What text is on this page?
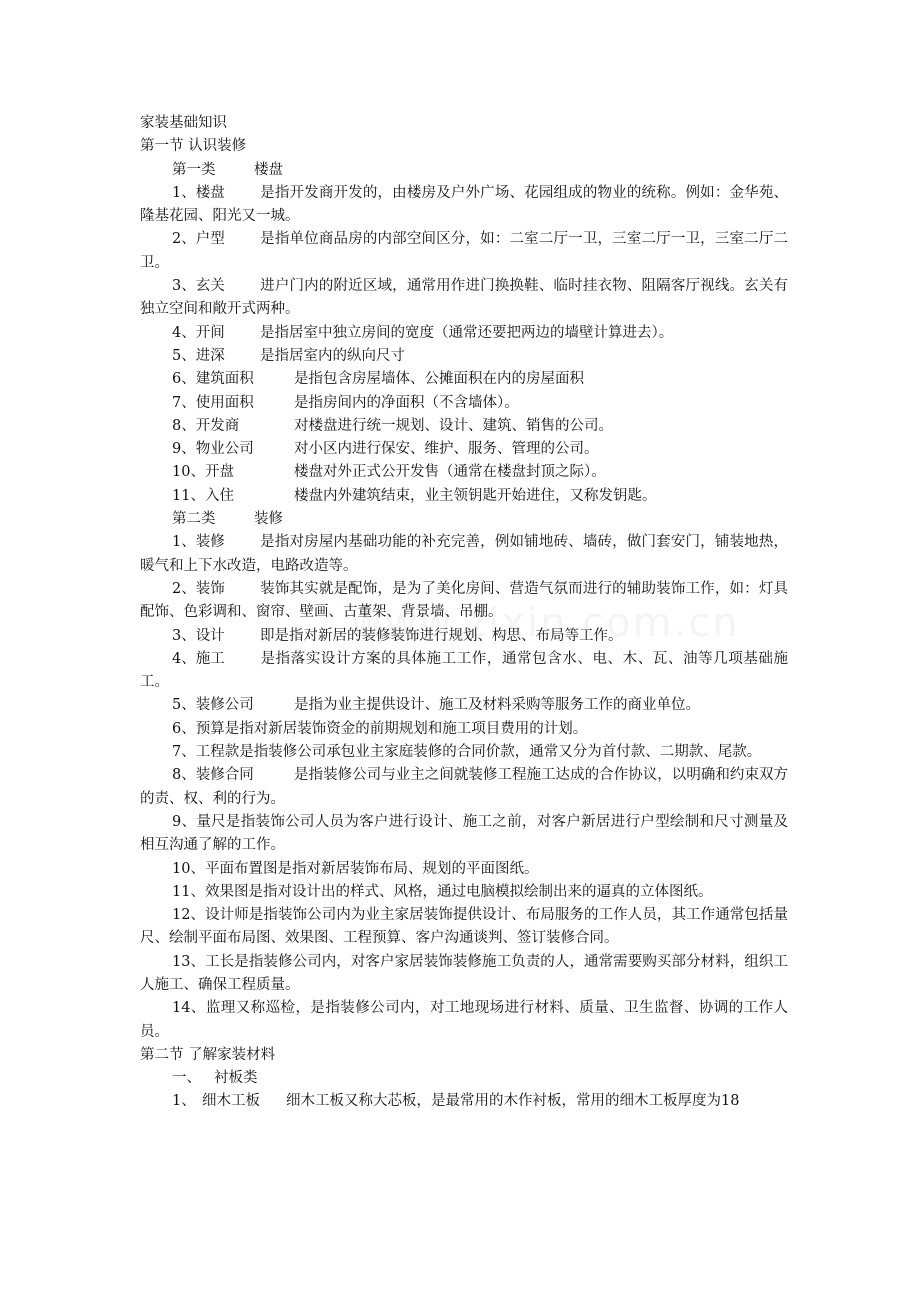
家装基础知识
第一节 认识装修
第一类	楼盘
1、楼盘 是指开发商开发的，由楼房及户外广场、花园组成的物业的统称。例如：金华苑、隆基花园、阳光又一城。
2、户型 是指单位商品房的内部空间区分，如：二室二厅一卫，三室二厅一卫，三室二厅二卫。
3、玄关 进户门内的附近区域，通常用作进门换换鞋、临时挂衣物、阻隔客厅视线。玄关有独立空间和敞开式两种。
4、开间 是指居室中独立房间的宽度（通常还要把两边的墙壁计算进去）。
5、进深 是指居室内的纵向尺寸
6、建筑面积	是指包含房屋墙体、公摊面积在内的房屋面积
7、使用面积	是指房间内的净面积（不含墙体）。
8、开发商	对楼盘进行统一规划、设计、建筑、销售的公司。
9、物业公司	对小区内进行保安、维护、服务、管理的公司。
10、开盘	楼盘对外正式公开发售（通常在楼盘封顶之际）。
11、入住	楼盘内外建筑结束，业主领钥匙开始进住，又称发钥匙。
第二类	装修
1、装修 是指对房屋内基础功能的补充完善，例如铺地砖、墙砖，做门套安门，铺装地热，暖气和上下水改造，电路改造等。
2、装饰 装饰其实就是配饰，是为了美化房间、营造气氛而进行的辅助装饰工作，如：灯具配饰、色彩调和、窗帘、壁画、古董架、背景墙、吊棚。
3、设计 即是指对新居的装修装饰进行规划、构思、布局等工作。
4、施工 是指落实设计方案的具体施工工作，通常包含水、电、木、瓦、油等几项基础施工。
5、装修公司	是指为业主提供设计、施工及材料采购等服务工作的商业单位。
6、预算是指对新居装饰资金的前期规划和施工项目费用的计划。
7、工程款是指装修公司承包业主家庭装修的合同价款，通常又分为首付款、二期款、尾款。
8、装修合同	是指装修公司与业主之间就装修工程施工达成的合作协议，以明确和约束双方的责、权、利的行为。
9、量尺是指装饰公司人员为客户进行设计、施工之前，对客户新居进行户型绘制和尺寸测量及相互沟通了解的工作。
10、平面布置图是指对新居装饰布局、规划的平面图纸。
11、效果图是指对设计出的样式、风格，通过电脑模拟绘制出来的逼真的立体图纸。
12、设计师是指装饰公司内为业主家居装饰提供设计、布局服务的工作人员，其工作通常包括量尺、绘制平面布局图、效果图、工程预算、客户沟通谈判、签订装修合同。
13、工长是指装修公司内，对客户家居装饰装修施工负责的人，通常需要购买部分材料，组织工人施工、确保工程质量。
14、监理又称巡检，是指装修公司内，对工地现场进行材料、质量、卫生监督、协调的工作人员。
第二节 了解家装材料
一、 衬板类
1、 细木工板 细木工板又称大芯板，是最常用的木作衬板，常用的细木工板厚度为18
